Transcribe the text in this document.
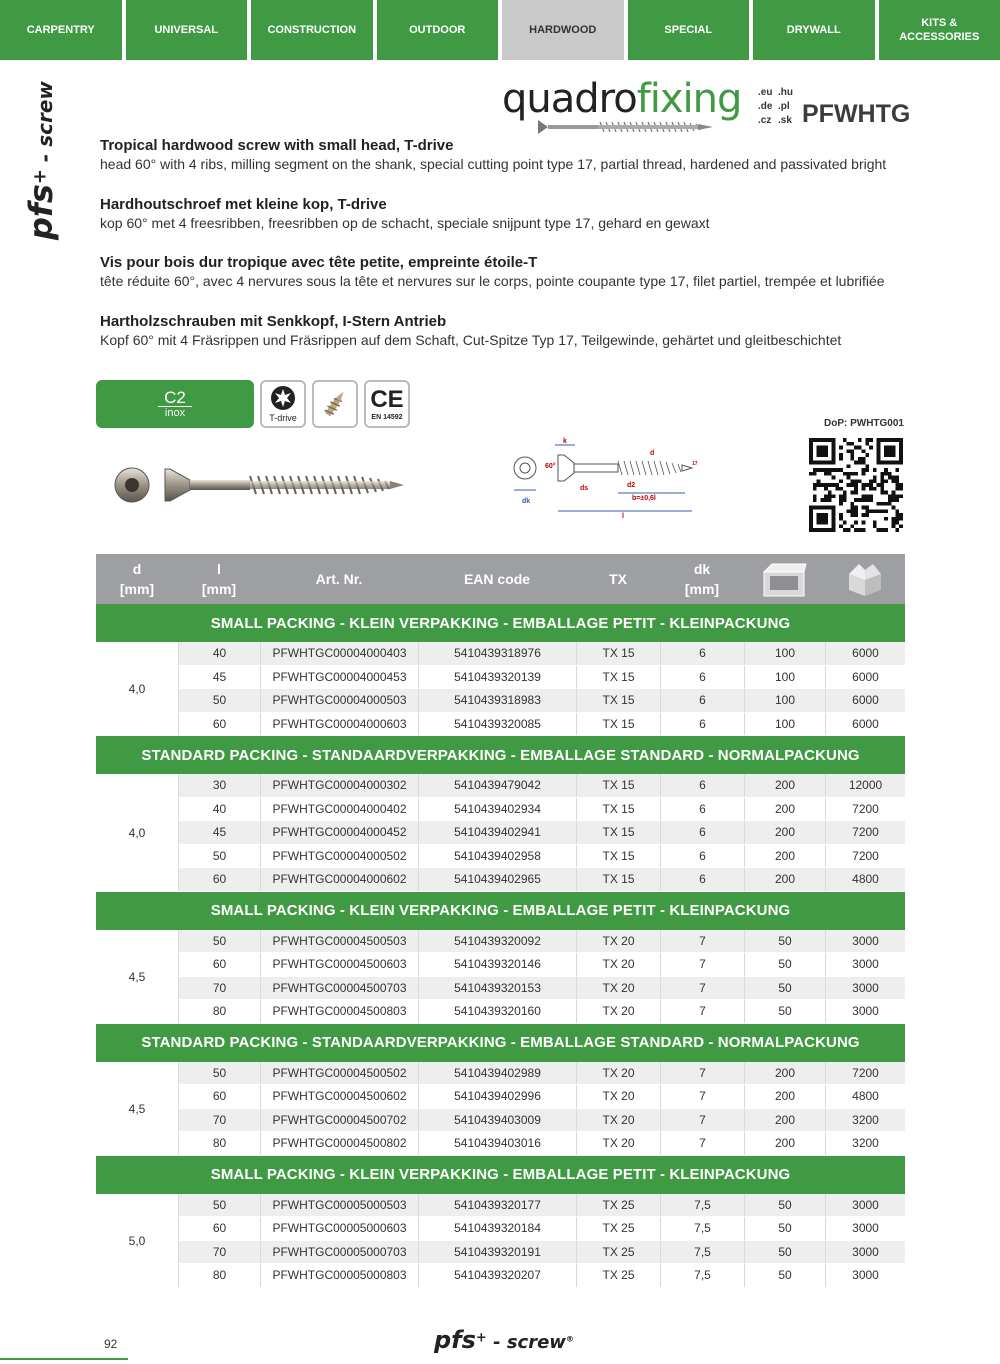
CARPENTRY	UNIVERSAL	CONSTRUCTION	OUTDOOR	HARDWOOD	SPECIAL	DRYWALL
KITS &
ACCESSORIES
pfs+ - screw	quadrofixing .eu .hu
.de .pl
.cz .sk PFWHTG
Tropical hardwood screw with small head, T-drive

head 60° with 4 ribs, milling segment on the shank, special cutting point type 17, partial thread, hardened and passivated bright

Hardhoutschroef met kleine kop, T-drive

kop 60° met 4 freesribben, freesribben op de schacht, speciale snijpunt type 17, gehard en gewaxt

Vis pour bois dur tropique avec tête petite, empreinte étoile-T

tête réduite 60°, avec 4 nervures sous la tête et nervures sur le corps, pointe coupante type 17, filet partiel, trempée et lubrifiée

Hartholzschrauben mit Senkkopf, I-Stern Antrieb

Kopf 60° mit 4 Fräsrippen und Fräsrippen auf dem Schaft, Cut-Spitze Typ 17, Teilgewinde, gehärtet und gleitbeschichtet

C2
inox	T-drive
CE
EN 14592
DoP: PWHTG001
dk
60°
k
d
ds	d2
b=±0,6l
l
17
d
[mm]
l
[mm]
Art. Nr.	EAN code	TX
dk
[mm]
SMALL PACKING - KLEIN VERPAKKING - EMBALLAGE PETIT - KLEINPACKUNG
4,0
40	PFWHTGC00004000403	5410439318976	TX 15	6	100	6000
45	PFWHTGC00004000453	5410439320139	TX 15	6	100	6000
50	PFWHTGC00004000503	5410439318983	TX 15	6	100	6000
60	PFWHTGC00004000603	5410439320085	TX 15	6	100	6000
STANDARD PACKING - STANDAARDVERPAKKING - EMBALLAGE STANDARD - NORMALPACKUNG
4,0
30	PFWHTGC00004000302	5410439479042	TX 15	6	200	12000
40	PFWHTGC00004000402	5410439402934	TX 15	6	200	7200
45	PFWHTGC00004000452	5410439402941	TX 15	6	200	7200
50	PFWHTGC00004000502	5410439402958	TX 15	6	200	7200
60	PFWHTGC00004000602	5410439402965	TX 15	6	200	4800
SMALL PACKING - KLEIN VERPAKKING - EMBALLAGE PETIT - KLEINPACKUNG
4,5
50	PFWHTGC00004500503	5410439320092	TX 20	7	50	3000
60	PFWHTGC00004500603	5410439320146	TX 20	7	50	3000
70	PFWHTGC00004500703	5410439320153	TX 20	7	50	3000
80	PFWHTGC00004500803	5410439320160	TX 20	7	50	3000
STANDARD PACKING - STANDAARDVERPAKKING - EMBALLAGE STANDARD - NORMALPACKUNG
4,5
50	PFWHTGC00004500502	5410439402989	TX 20	7	200	7200
60	PFWHTGC00004500602	5410439402996	TX 20	7	200	4800
70	PFWHTGC00004500702	5410439403009	TX 20	7	200	3200
80	PFWHTGC00004500802	5410439403016	TX 20	7	200	3200
SMALL PACKING - KLEIN VERPAKKING - EMBALLAGE PETIT - KLEINPACKUNG
5,0
50	PFWHTGC00005000503	5410439320177	TX 25	7,5	50	3000
60	PFWHTGC00005000603	5410439320184	TX 25	7,5	50	3000
70	PFWHTGC00005000703	5410439320191	TX 25	7,5	50	3000
80	PFWHTGC00005000803	5410439320207	TX 25	7,5	50	3000
92	pfs+ - screw®
